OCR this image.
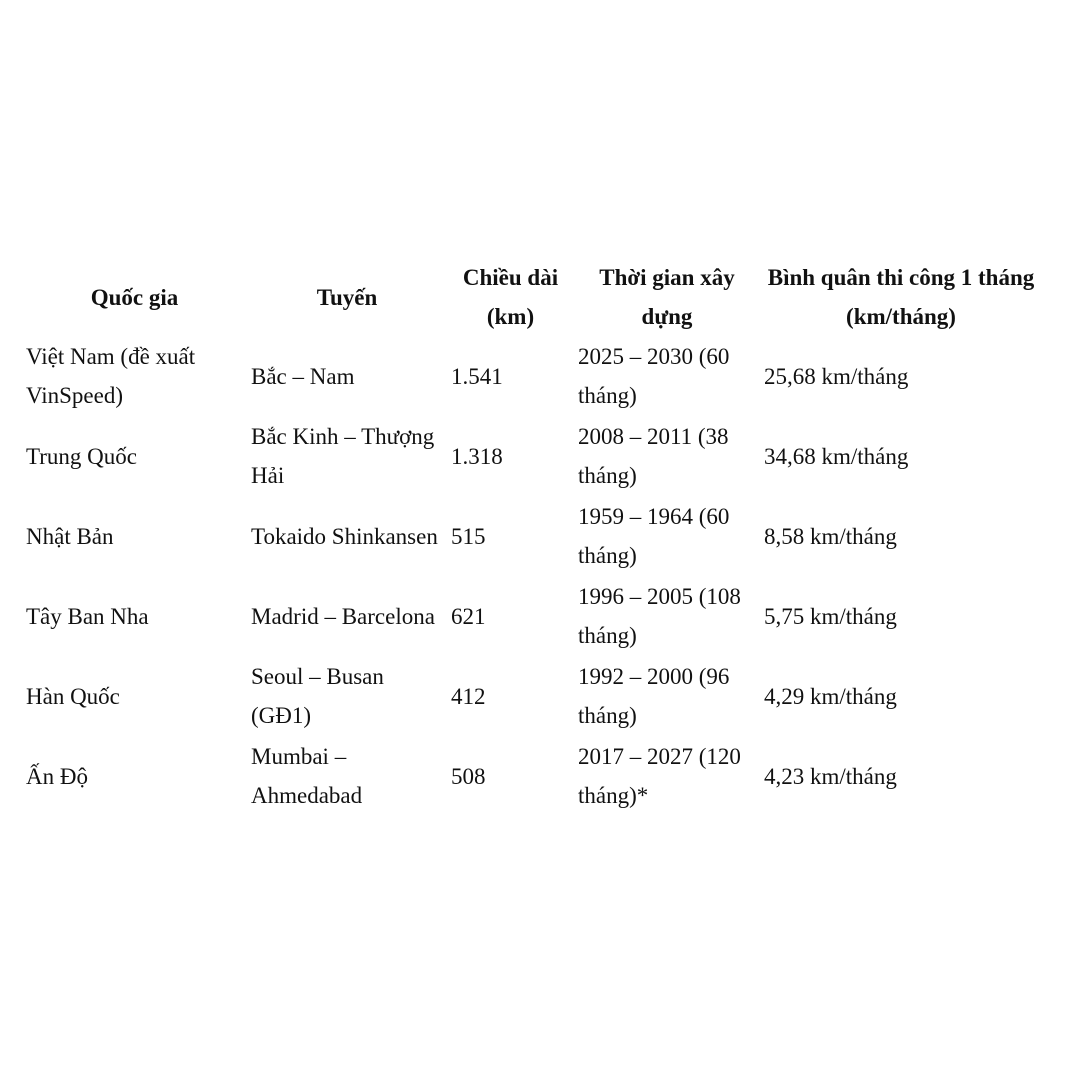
Quốc gia	Tuyến	Chiều dài (km)	Thời gian xây dựng	Bình quân thi công 1 tháng (km/tháng)
Việt Nam (đề xuất VinSpeed)	Bắc – Nam	1.541	2025 – 2030 (60 tháng)	25,68 km/tháng
Trung Quốc	Bắc Kinh – Thượng Hải	1.318	2008 – 2011 (38 tháng)	34,68 km/tháng
Nhật Bản	Tokaido Shinkansen	515	1959 – 1964 (60 tháng)	8,58 km/tháng
Tây Ban Nha	Madrid – Barcelona	621	1996 – 2005 (108 tháng)	5,75 km/tháng
Hàn Quốc	Seoul – Busan (GĐ1)	412	1992 – 2000 (96 tháng)	4,29 km/tháng
Ấn Độ	Mumbai – Ahmedabad	508	2017 – 2027 (120 tháng)*	4,23 km/tháng
